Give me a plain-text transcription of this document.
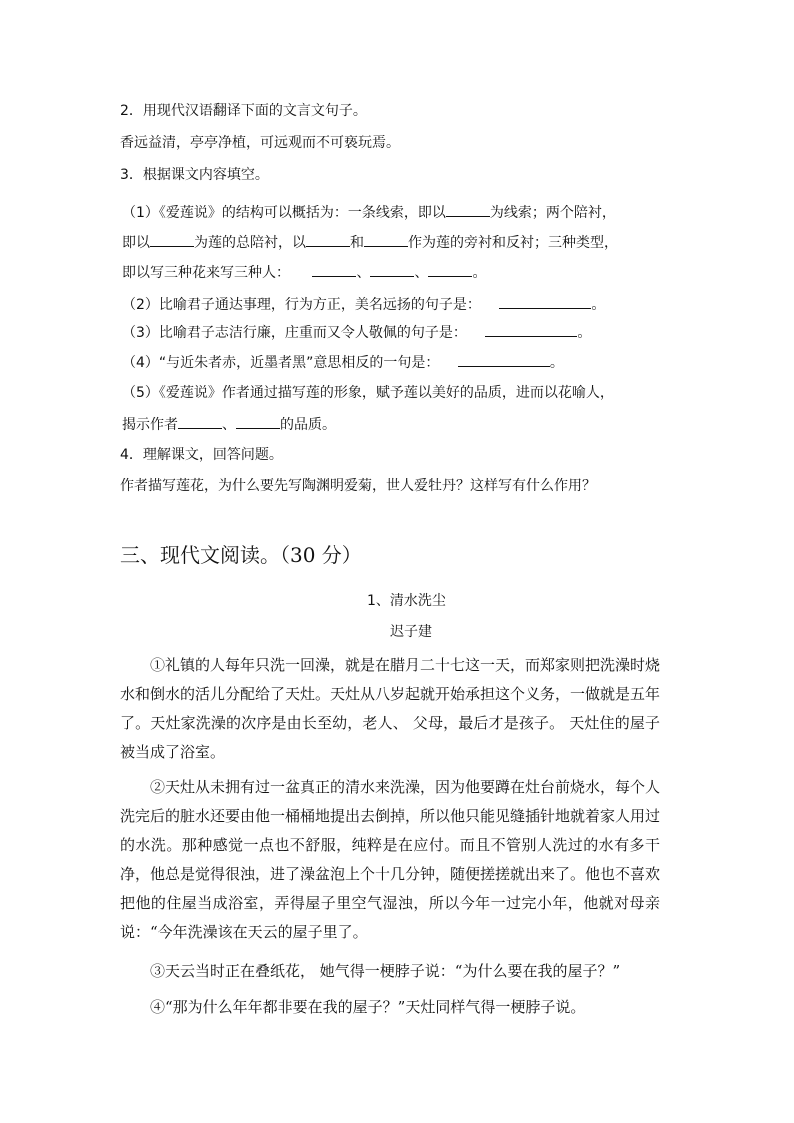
2．用现代汉语翻译下面的文言文句子。
香远益清，亭亭净植，可远观而不可亵玩焉。
3．根据课文内容填空。
（1）《爱莲说》的结构可以概括为：一条线索，即以	为线索；两个陪衬，
即以	为莲的总陪衬，以	和	作为莲的旁衬和反衬；三种类型，
即以写三种花来写三种人：	、	、	。
（2）比喻君子通达事理，行为方正，美名远扬的句子是：	。
（3）比喻君子志洁行廉，庄重而又令人敬佩的句子是：	。
（4）“与近朱者赤，近墨者黑”意思相反的一句是：	。
（5）《爱莲说》作者通过描写莲的形象，赋予莲以美好的品质，进而以花喻人，
揭示作者	、	的品质。
4．理解课文，回答问题。
作者描写莲花，为什么要先写陶渊明爱菊，世人爱牡丹？这样写有什么作用？
三、现代文阅读。（30 分）
1、清水洗尘
迟子建
①礼镇的人每年只洗一回澡，就是在腊月二十七这一天，而郑家则把洗澡时烧水和倒水的活儿分配给了天灶。天灶从八岁起就开始承担这个义务，一做就是五年了。天灶家洗澡的次序是由长至幼，老人、 父母，最后才是孩子。 天灶住的屋子被当成了浴室。
②天灶从未拥有过一盆真正的清水来洗澡，因为他要蹲在灶台前烧水，每个人洗完后的脏水还要由他一桶桶地提出去倒掉，所以他只能见缝插针地就着家人用过的水洗。那种感觉一点也不舒服，纯粹是在应付。而且不管别人洗过的水有多干净，他总是觉得很浊，进了澡盆泡上个十几分钟，随便搓搓就出来了。他也不喜欢把他的住屋当成浴室，弄得屋子里空气湿浊，所以今年一过完小年，他就对母亲说：“今年洗澡该在天云的屋子里了。
③天云当时正在叠纸花， 她气得一梗脖子说：“为什么要在我的屋子？”
④“那为什么年年都非要在我的屋子？”天灶同样气得一梗脖子说。
